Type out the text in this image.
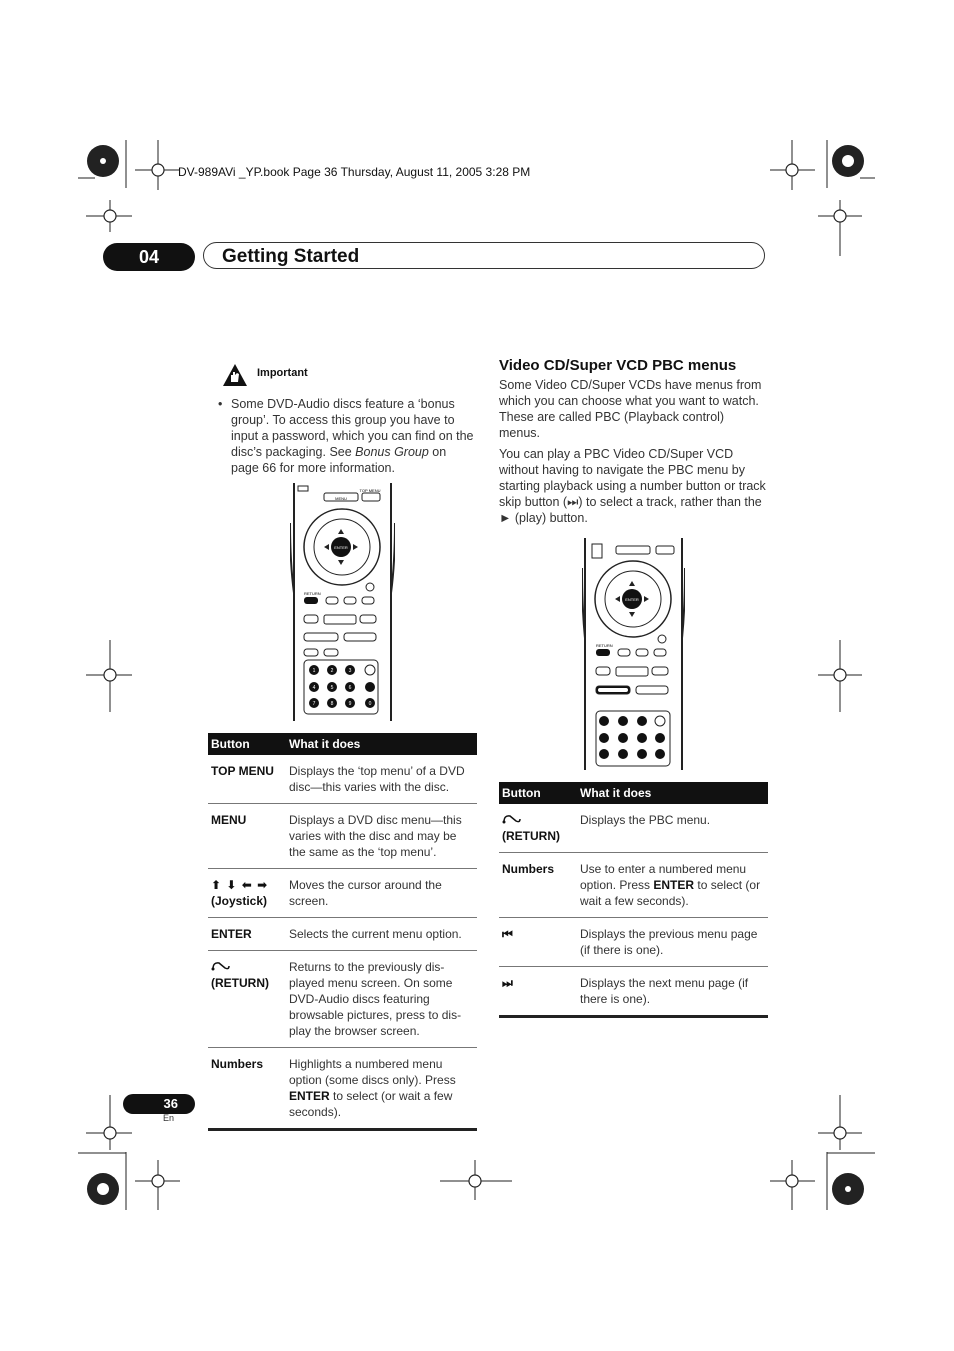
DV-989AVi _YP.book Page 36 Thursday, August 11, 2005 3:28 PM
04	Getting Started
Important
• Some DVD-Audio discs feature a ‘bonus group’. To access this group you have to input a password, which you can find on the disc’s packaging. See Bonus Group on page 66 for more information.
MENU
TOP MENU
ENTER
RETURN
1	2	3
4	5	6
7	8	9	0
Button	What it does
TOP MENU	Displays the ‘top menu’ of a DVD disc—this varies with the disc.
MENU	Displays a DVD disc menu—this varies with the disc and may be the same as the ‘top menu’.
⬆ ⬇ ⬅ ➡
(Joystick)	Moves the cursor around the screen.
ENTER	Selects the current menu option.

(RETURN)	Returns to the previously dis-played menu screen. On some DVD-Audio discs featuring browsable pictures, press to dis-play the browser screen.
Numbers	Highlights a numbered menu option (some discs only). Press ENTER to select (or wait a few seconds).
Video CD/Super VCD PBC menus
Some Video CD/Super VCDs have menus from which you can choose what you want to watch. These are called PBC (Playback control) menus.
You can play a PBC Video CD/Super VCD without having to navigate the PBC menu by starting playback using a number button or track skip button (⏭) to select a track, rather than the ► (play) button.
ENTER
RETURN
Button	What it does

(RETURN)	Displays the PBC menu.
Numbers	Use to enter a numbered menu option. Press ENTER to select (or wait a few seconds).
⏮	Displays the previous menu page (if there is one).
⏭	Displays the next menu page (if there is one).
36
En
